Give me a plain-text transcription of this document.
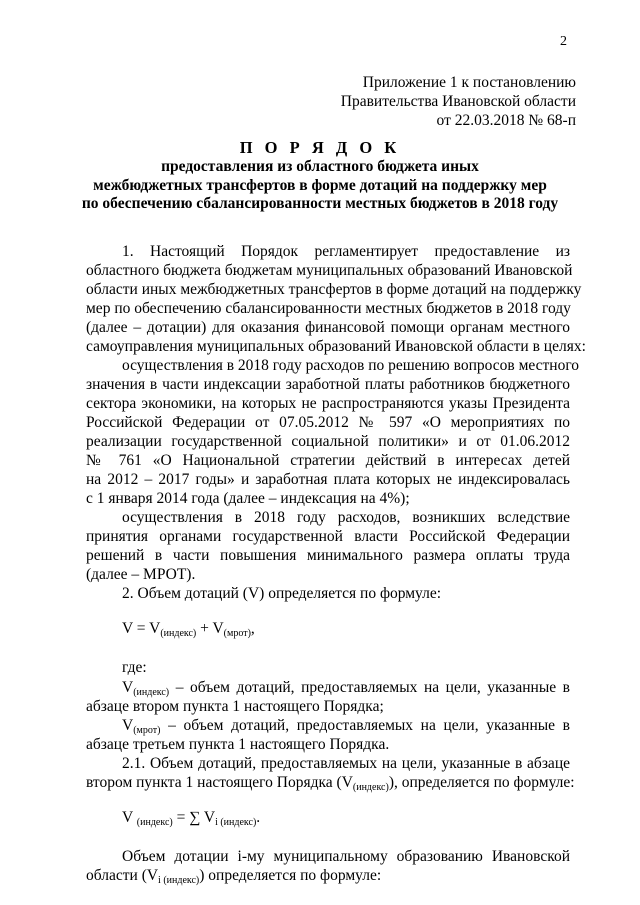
2
Приложение 1 к постановлению
Правительства Ивановской области
от 22.03.2018 № 68-п
П О Р Я Д О К
предоставления из областного бюджета иных
межбюджетных трансфертов в форме дотаций на поддержку мер
по обеспечению сбалансированности местных бюджетов в 2018 году
1. Настоящий Порядок регламентирует предоставление из
областного бюджета бюджетам муниципальных образований Ивановской
области иных межбюджетных трансфертов в форме дотаций на поддержку
мер по обеспечению сбалансированности местных бюджетов в 2018 году
(далее – дотации) для оказания финансовой помощи органам местного
самоуправления муниципальных образований Ивановской области в целях:
осуществления в 2018 году расходов по решению вопросов местного
значения в части индексации заработной платы работников бюджетного
сектора экономики, на которых не распространяются указы Президента
Российской Федерации от 07.05.2012 № 597 «О мероприятиях по
реализации государственной социальной политики» и от 01.06.2012
№ 761 «О Национальной стратегии действий в интересах детей
на 2012 – 2017 годы» и заработная плата которых не индексировалась
с 1 января 2014 года (далее – индексация на 4%);
осуществления в 2018 году расходов, возникших вследствие
принятия органами государственной власти Российской Федерации
решений в части повышения минимального размера оплаты труда
(далее – МРОТ).
2. Объем дотаций (V) определяется по формуле:
$V = V_{(индекс)} + V_{(мрот)}$,
где:
$V_{(индекс)}$ – объем дотаций, предоставляемых на цели, указанные в
абзаце втором пункта 1 настоящего Порядка;
$V_{(мрот)}$ – объем дотаций, предоставляемых на цели, указанные в
абзаце третьем пункта 1 настоящего Порядка.
2.1. Объем дотаций, предоставляемых на цели, указанные в абзаце
втором пункта 1 настоящего Порядка $(V_{(индекс)})$, определяется по формуле:
V $_{(индекс)}$ = ∑ $V_{i (индекс)}$.
Объем дотации i-му муниципальному образованию Ивановской
области $(V_{i (индекс)})$ определяется по формуле:
